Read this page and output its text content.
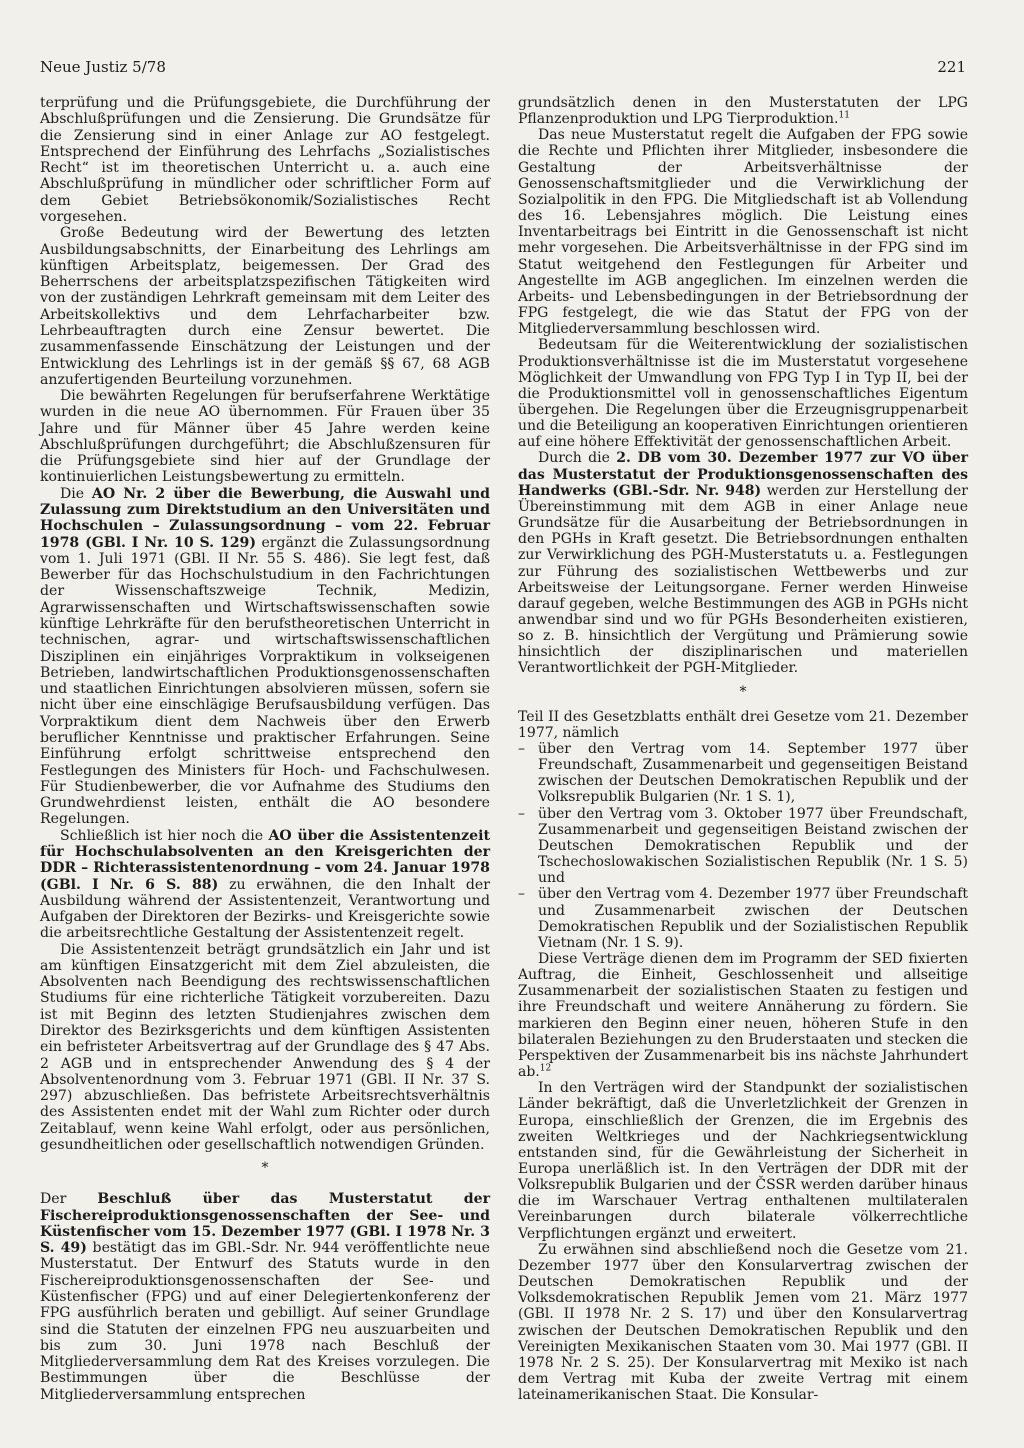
Neue Justiz 5/78	221

terprüfung und die Prüfungsgebiete, die Durchführung der Abschlußprüfungen und die Zensierung. Die Grundsätze für die Zensierung sind in einer Anlage zur AO festgelegt. Entsprechend der Einführung des Lehrfachs „Sozialistisches Recht“ ist im theoretischen Unterricht u. a. auch eine Abschlußprüfung in mündlicher oder schriftlicher Form auf dem Gebiet Betriebsökonomik/Sozialistisches Recht vorgesehen.

Große Bedeutung wird der Bewertung des letzten Ausbildungsabschnitts, der Einarbeitung des Lehrlings am künftigen Arbeitsplatz, beigemessen. Der Grad des Beherrschens der arbeitsplatzspezifischen Tätigkeiten wird von der zuständigen Lehrkraft gemeinsam mit dem Leiter des Arbeitskollektivs und dem Lehrfacharbeiter bzw. Lehrbeauftragten durch eine Zensur bewertet. Die zusammenfassende Einschätzung der Leistungen und der Entwicklung des Lehrlings ist in der gemäß §§ 67, 68 AGB anzufertigenden Beurteilung vorzunehmen.

Die bewährten Regelungen für berufserfahrene Werktätige wurden in die neue AO übernommen. Für Frauen über 35 Jahre und für Männer über 45 Jahre werden keine Abschlußprüfungen durchgeführt; die Abschlußzensuren für die Prüfungsgebiete sind hier auf der Grundlage der kontinuierlichen Leistungsbewertung zu ermitteln.

Die AO Nr. 2 über die Bewerbung, die Auswahl und Zulassung zum Direktstudium an den Universitäten und Hochschulen – Zulassungsordnung – vom 22. Februar 1978 (GBl. I Nr. 10 S. 129) ergänzt die Zulassungsordnung vom 1. Juli 1971 (GBl. II Nr. 55 S. 486). Sie legt fest, daß Bewerber für das Hochschulstudium in den Fachrichtungen der Wissenschaftszweige Technik, Medizin, Agrarwissenschaften und Wirtschaftswissenschaften sowie künftige Lehrkräfte für den berufstheoretischen Unterricht in technischen, agrar- und wirtschaftswissenschaftlichen Disziplinen ein einjähriges Vorpraktikum in volkseigenen Betrieben, landwirtschaftlichen Produktionsgenossenschaften und staatlichen Einrichtungen absolvieren müssen, sofern sie nicht über eine einschlägige Berufsausbildung verfügen. Das Vorpraktikum dient dem Nachweis über den Erwerb beruflicher Kenntnisse und praktischer Erfahrungen. Seine Einführung erfolgt schrittweise entsprechend den Festlegungen des Ministers für Hoch- und Fachschulwesen. Für Studienbewerber, die vor Aufnahme des Studiums den Grundwehrdienst leisten, enthält die AO besondere Regelungen.

Schließlich ist hier noch die AO über die Assistentenzeit für Hochschulabsolventen an den Kreisgerichten der DDR – Richterassistentenordnung – vom 24. Januar 1978 (GBl. I Nr. 6 S. 88) zu erwähnen, die den Inhalt der Ausbildung während der Assistentenzeit, Verantwortung und Aufgaben der Direktoren der Bezirks- und Kreisgerichte sowie die arbeitsrechtliche Gestaltung der Assistentenzeit regelt.

Die Assistentenzeit beträgt grundsätzlich ein Jahr und ist am künftigen Einsatzgericht mit dem Ziel abzuleisten, die Absolventen nach Beendigung des rechtswissenschaftlichen Studiums für eine richterliche Tätigkeit vorzubereiten. Dazu ist mit Beginn des letzten Studienjahres zwischen dem Direktor des Bezirksgerichts und dem künftigen Assistenten ein befristeter Arbeitsvertrag auf der Grundlage des § 47 Abs. 2 AGB und in entsprechender Anwendung des § 4 der Absolventenordnung vom 3. Februar 1971 (GBl. II Nr. 37 S. 297) abzuschließen. Das befristete Arbeitsrechtsverhältnis des Assistenten endet mit der Wahl zum Richter oder durch Zeitablauf, wenn keine Wahl erfolgt, oder aus persönlichen, gesundheitlichen oder gesellschaftlich notwendigen Gründen.

*

Der Beschluß über das Musterstatut der Fischereiproduktionsgenossenschaften der See- und Küstenfischer vom 15. Dezember 1977 (GBl. I 1978 Nr. 3 S. 49) bestätigt das im GBl.-Sdr. Nr. 944 veröffentlichte neue Musterstatut. Der Entwurf des Statuts wurde in den Fischereiproduktionsgenossenschaften der See- und Küstenfischer (FPG) und auf einer Delegiertenkonferenz der FPG ausführlich beraten und gebilligt. Auf seiner Grundlage sind die Statuten der einzelnen FPG neu auszuarbeiten und bis zum 30. Juni 1978 nach Beschluß der Mitgliederversammlung dem Rat des Kreises vorzulegen. Die Bestimmungen über die Beschlüsse der Mitgliederversammlung entsprechen

grundsätzlich denen in den Musterstatuten der LPG Pflanzenproduktion und LPG Tierproduktion.$^{11}$

Das neue Musterstatut regelt die Aufgaben der FPG sowie die Rechte und Pflichten ihrer Mitglieder, insbesondere die Gestaltung der Arbeitsverhältnisse der Genossenschaftsmitglieder und die Verwirklichung der Sozialpolitik in den FPG. Die Mitgliedschaft ist ab Vollendung des 16. Lebensjahres möglich. Die Leistung eines Inventarbeitrags bei Eintritt in die Genossenschaft ist nicht mehr vorgesehen. Die Arbeitsverhältnisse in der FPG sind im Statut weitgehend den Festlegungen für Arbeiter und Angestellte im AGB angeglichen. Im einzelnen werden die Arbeits- und Lebensbedingungen in der Betriebsordnung der FPG festgelegt, die wie das Statut der FPG von der Mitgliederversammlung beschlossen wird.

Bedeutsam für die Weiterentwicklung der sozialistischen Produktionsverhältnisse ist die im Musterstatut vorgesehene Möglichkeit der Umwandlung von FPG Typ I in Typ II, bei der die Produktionsmittel voll in genossenschaftliches Eigentum übergehen. Die Regelungen über die Erzeugnisgruppenarbeit und die Beteiligung an kooperativen Einrichtungen orientieren auf eine höhere Effektivität der genossenschaftlichen Arbeit.

Durch die 2. DB vom 30. Dezember 1977 zur VO über das Musterstatut der Produktionsgenossenschaften des Handwerks (GBl.-Sdr. Nr. 948) werden zur Herstellung der Übereinstimmung mit dem AGB in einer Anlage neue Grundsätze für die Ausarbeitung der Betriebsordnungen in den PGHs in Kraft gesetzt. Die Betriebsordnungen enthalten zur Verwirklichung des PGH-Musterstatuts u. a. Festlegungen zur Führung des sozialistischen Wettbewerbs und zur Arbeitsweise der Leitungsorgane. Ferner werden Hinweise darauf gegeben, welche Bestimmungen des AGB in PGHs nicht anwendbar sind und wo für PGHs Besonderheiten existieren, so z. B. hinsichtlich der Vergütung und Prämierung sowie hinsichtlich der disziplinarischen und materiellen Verantwortlichkeit der PGH-Mitglieder.

*

Teil II des Gesetzblatts enthält drei Gesetze vom 21. Dezember 1977, nämlich

– über den Vertrag vom 14. September 1977 über Freundschaft, Zusammenarbeit und gegenseitigen Beistand zwischen der Deutschen Demokratischen Republik und der Volksrepublik Bulgarien (Nr. 1 S. 1),
– über den Vertrag vom 3. Oktober 1977 über Freundschaft, Zusammenarbeit und gegenseitigen Beistand zwischen der Deutschen Demokratischen Republik und der Tschechoslowakischen Sozialistischen Republik (Nr. 1 S. 5) und
– über den Vertrag vom 4. Dezember 1977 über Freundschaft und Zusammenarbeit zwischen der Deutschen Demokratischen Republik und der Sozialistischen Republik Vietnam (Nr. 1 S. 9).

Diese Verträge dienen dem im Programm der SED fixierten Auftrag, die Einheit, Geschlossenheit und allseitige Zusammenarbeit der sozialistischen Staaten zu festigen und ihre Freundschaft und weitere Annäherung zu fördern. Sie markieren den Beginn einer neuen, höheren Stufe in den bilateralen Beziehungen zu den Bruderstaaten und stecken die Perspektiven der Zusammenarbeit bis ins nächste Jahrhundert ab.$^{12}$

In den Verträgen wird der Standpunkt der sozialistischen Länder bekräftigt, daß die Unverletzlichkeit der Grenzen in Europa, einschließlich der Grenzen, die im Ergebnis des zweiten Weltkrieges und der Nachkriegsentwicklung entstanden sind, für die Gewährleistung der Sicherheit in Europa unerläßlich ist. In den Verträgen der DDR mit der Volksrepublik Bulgarien und der ČSSR werden darüber hinaus die im Warschauer Vertrag enthaltenen multilateralen Vereinbarungen durch bilaterale völkerrechtliche Verpflichtungen ergänzt und erweitert.

Zu erwähnen sind abschließend noch die Gesetze vom 21. Dezember 1977 über den Konsularvertrag zwischen der Deutschen Demokratischen Republik und der Volksdemokratischen Republik Jemen vom 21. März 1977 (GBl. II 1978 Nr. 2 S. 17) und über den Konsularvertrag zwischen der Deutschen Demokratischen Republik und den Vereinigten Mexikanischen Staaten vom 30. Mai 1977 (GBl. II 1978 Nr. 2 S. 25). Der Konsularvertrag mit Mexiko ist nach dem Vertrag mit Kuba der zweite Vertrag mit einem lateinamerikanischen Staat. Die Konsular-
